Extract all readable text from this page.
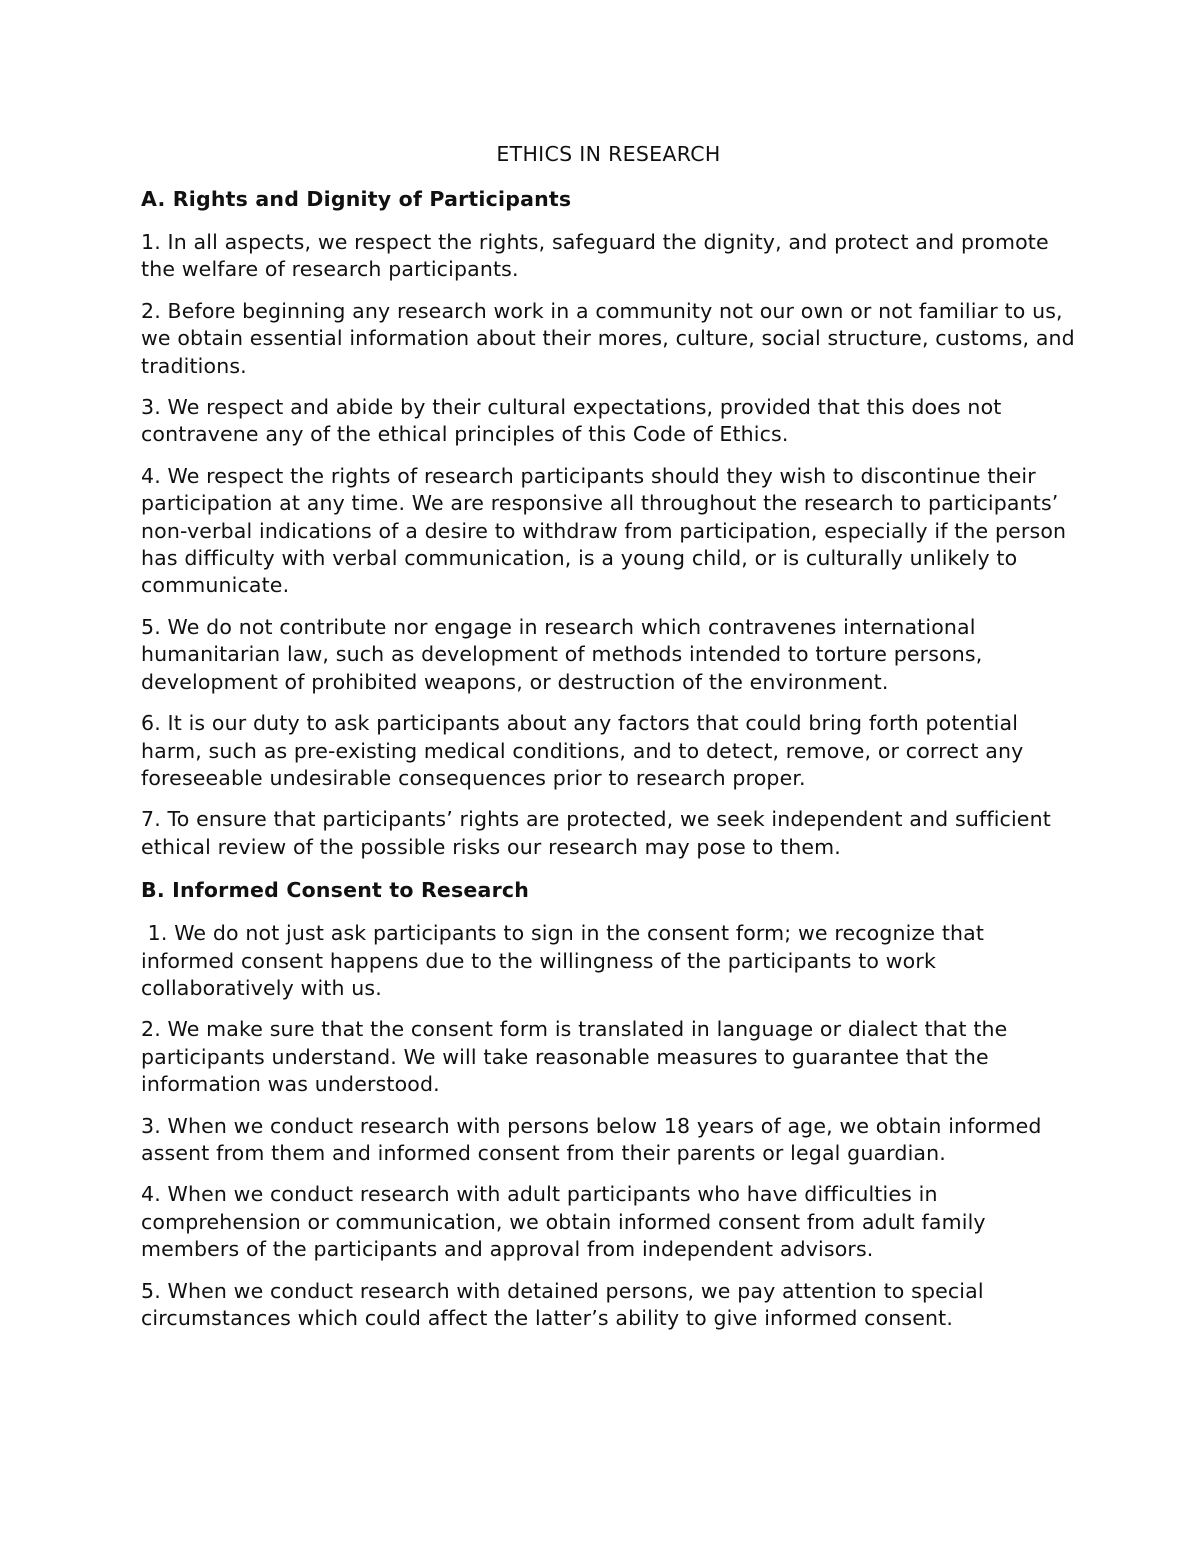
ETHICS IN RESEARCH
A. Rights and Dignity of Participants

1. In all aspects, we respect the rights, safeguard the dignity, and protect and promote the welfare of research participants.

2. Before beginning any research work in a community not our own or not familiar to us, we obtain essential information about their mores, culture, social structure, customs, and traditions.

3. We respect and abide by their cultural expectations, provided that this does not contravene any of the ethical principles of this Code of Ethics.

4. We respect the rights of research participants should they wish to discontinue their participation at any time. We are responsive all throughout the research to participants’ non-verbal indications of a desire to withdraw from participation, especially if the person has difficulty with verbal communication, is a young child, or is culturally unlikely to communicate.

5. We do not contribute nor engage in research which contravenes international humanitarian law, such as development of methods intended to torture persons, development of prohibited weapons, or destruction of the environment.

6. It is our duty to ask participants about any factors that could bring forth potential harm, such as pre-existing medical conditions, and to detect, remove, or correct any foreseeable undesirable consequences prior to research proper.

7. To ensure that participants’ rights are protected, we seek independent and sufficient ethical review of the possible risks our research may pose to them.

B. Informed Consent to Research

1. We do not just ask participants to sign in the consent form; we recognize that informed consent happens due to the willingness of the participants to work collaboratively with us.

2. We make sure that the consent form is translated in language or dialect that the participants understand. We will take reasonable measures to guarantee that the information was understood.

3. When we conduct research with persons below 18 years of age, we obtain informed assent from them and informed consent from their parents or legal guardian.

4. When we conduct research with adult participants who have difficulties in comprehension or communication, we obtain informed consent from adult family members of the participants and approval from independent advisors.

5. When we conduct research with detained persons, we pay attention to special circumstances which could affect the latter’s ability to give informed consent.
